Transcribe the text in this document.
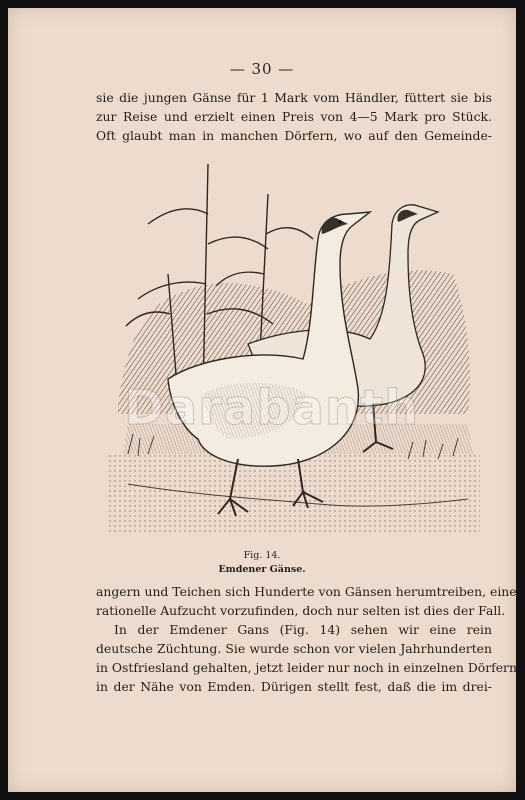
— 30 —
sie die jungen Gänse für 1 Mark vom Händler, füttert sie bis
zur Reise und erzielt einen Preis von 4—5 Mark pro Stück.
Oft glaubt man in manchen Dörfern, wo auf den Gemeinde-
Darabanth
Fig. 14.
Emdener Gänse.
angern und Teichen sich Hunderte von Gänsen herumtreiben, eine
rationelle Aufzucht vorzufinden, doch nur selten ist dies der Fall.
In der Emdener Gans (Fig. 14) sehen wir eine rein
deutsche Züchtung. Sie wurde schon vor vielen Jahrhunderten
in Ostfriesland gehalten, jetzt leider nur noch in einzelnen Dörfern
in der Nähe von Emden. Dürigen stellt fest, daß die im drei-
